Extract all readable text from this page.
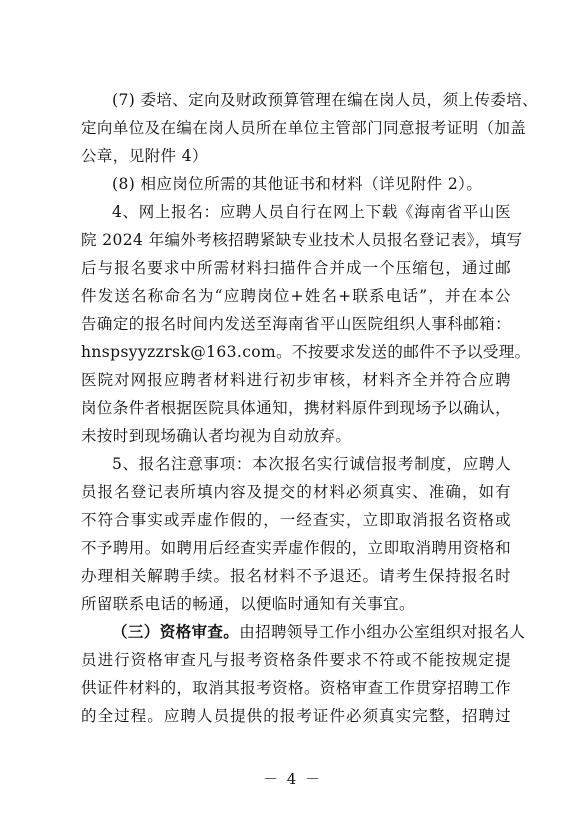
(7) 委培、定向及财政预算管理在编在岗人员，须上传委培、
定向单位及在编在岗人员所在单位主管部门同意报考证明（加盖
公章，见附件 4）
(8) 相应岗位所需的其他证书和材料（详见附件 2）。
4、网上报名：应聘人员自行在网上下载《海南省平山医
院 2024 年编外考核招聘紧缺专业技术人员报名登记表》，填写
后与报名要求中所需材料扫描件合并成一个压缩包，通过邮
件发送名称命名为“应聘岗位+姓名+联系电话”，并在本公
告确定的报名时间内发送至海南省平山医院组织人事科邮箱：
hnspsyyzzrsk@163.com。不按要求发送的邮件不予以受理。
医院对网报应聘者材料进行初步审核，材料齐全并符合应聘
岗位条件者根据医院具体通知，携材料原件到现场予以确认，
未按时到现场确认者均视为自动放弃。
5、报名注意事项：本次报名实行诚信报考制度，应聘人
员报名登记表所填内容及提交的材料必须真实、准确，如有
不符合事实或弄虚作假的，一经查实，立即取消报名资格或
不予聘用。如聘用后经查实弄虚作假的，立即取消聘用资格和
办理相关解聘手续。报名材料不予退还。请考生保持报名时
所留联系电话的畅通，以便临时通知有关事宜。
（三）资格审查。由招聘领导工作小组办公室组织对报名人
员进行资格审查凡与报考资格条件要求不符或不能按规定提
供证件材料的，取消其报考资格。资格审查工作贯穿招聘工作
的全过程。应聘人员提供的报考证件必须真实完整，招聘过
－ 4 －
